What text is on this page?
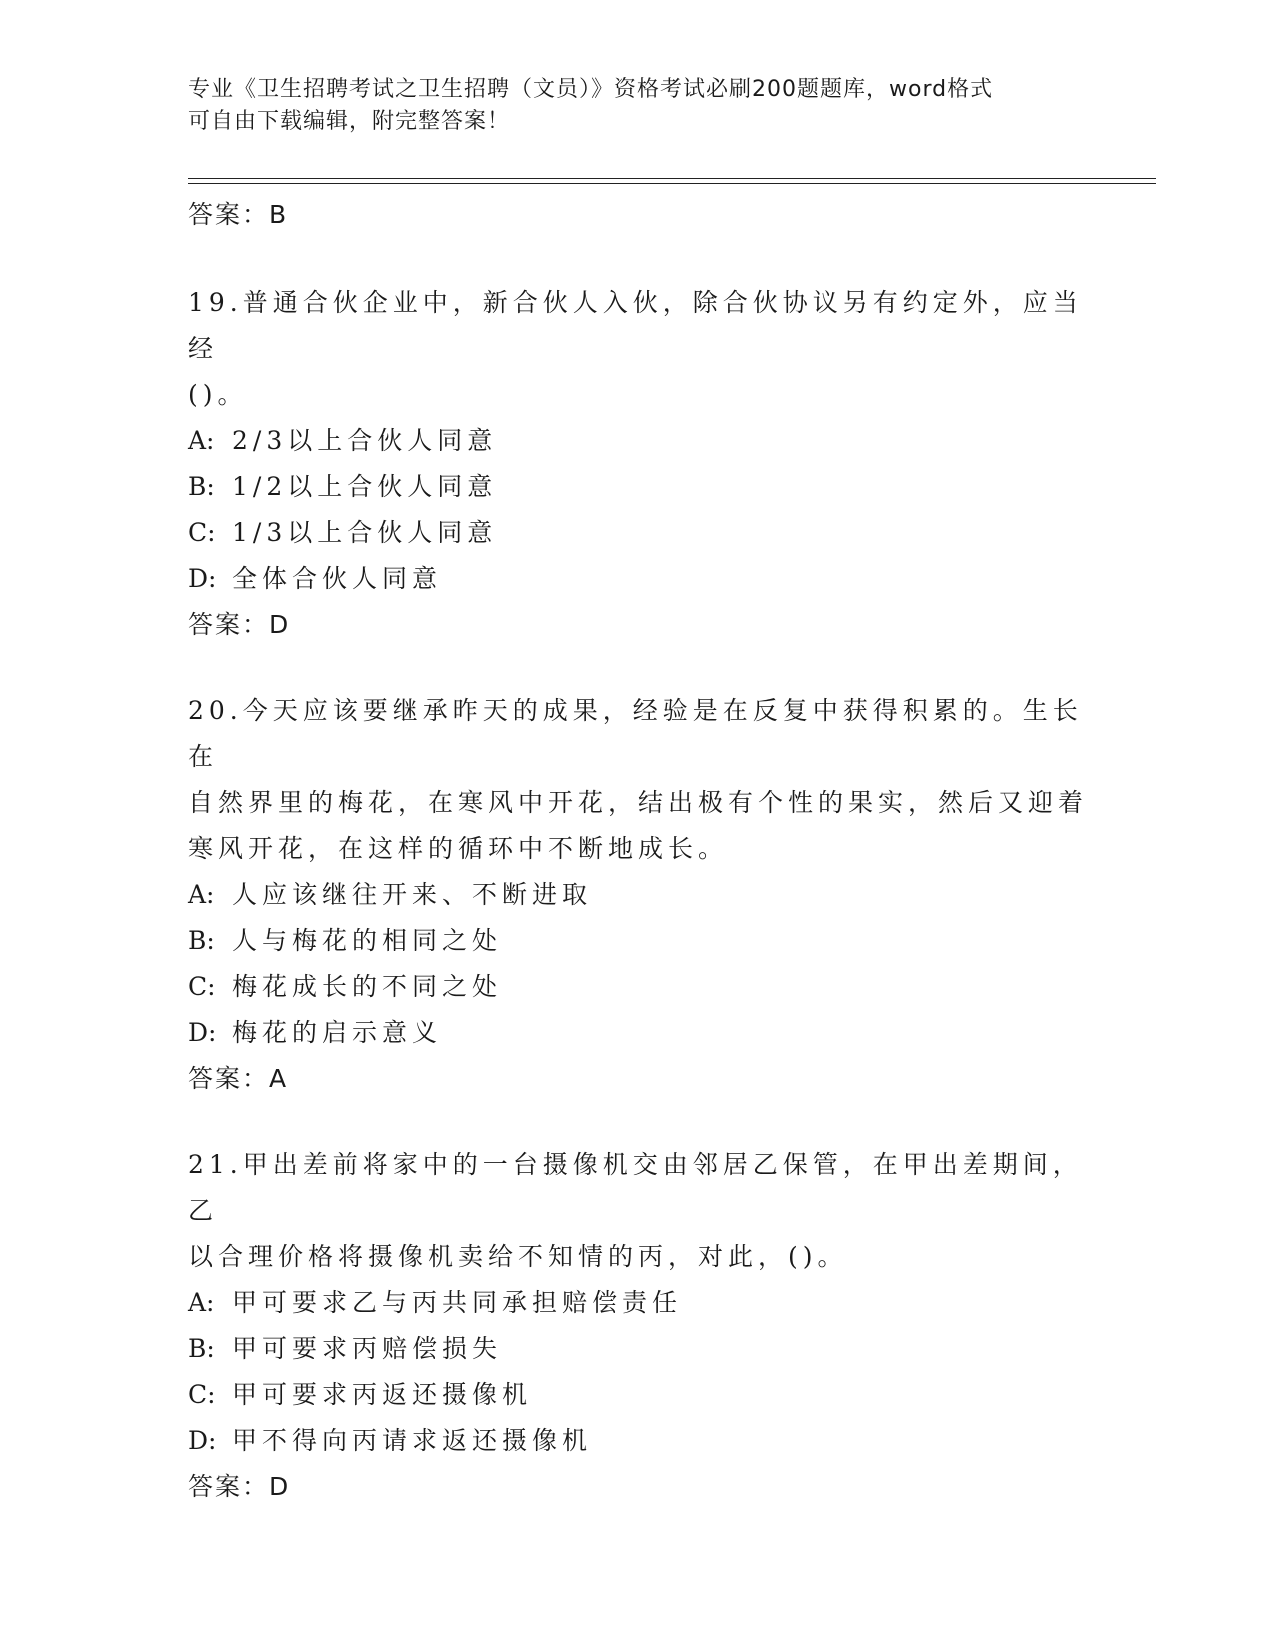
专业《卫生招聘考试之卫生招聘（文员）》资格考试必刷200题题库，word格式
可自由下载编辑，附完整答案！
答案：B
19.普通合伙企业中，新合伙人入伙，除合伙协议另有约定外，应当经
()。
A: 2/3以上合伙人同意
B: 1/2以上合伙人同意
C: 1/3以上合伙人同意
D: 全体合伙人同意
答案：D
20.今天应该要继承昨天的成果，经验是在反复中获得积累的。生长在
自然界里的梅花，在寒风中开花，结出极有个性的果实，然后又迎着
寒风开花，在这样的循环中不断地成长。
A: 人应该继往开来、不断进取
B: 人与梅花的相同之处
C: 梅花成长的不同之处
D: 梅花的启示意义
答案：A
21.甲出差前将家中的一台摄像机交由邻居乙保管，在甲出差期间，乙
以合理价格将摄像机卖给不知情的丙，对此，()。
A: 甲可要求乙与丙共同承担赔偿责任
B: 甲可要求丙赔偿损失
C: 甲可要求丙返还摄像机
D: 甲不得向丙请求返还摄像机
答案：D
